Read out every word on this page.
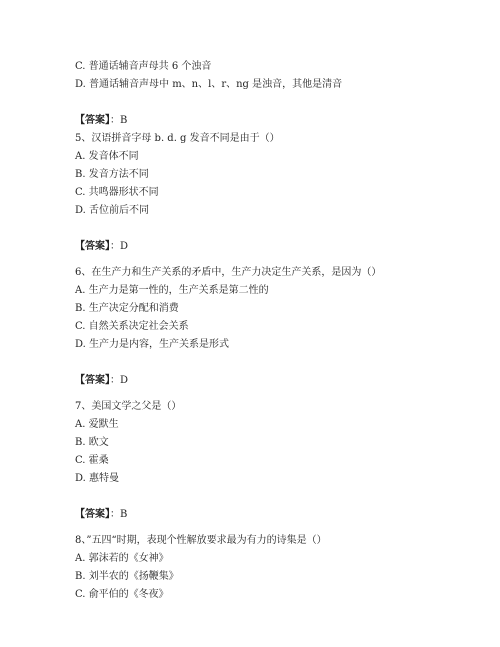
C. 普通话辅音声母共 6 个浊音
D. 普通话辅音声母中 m、n、l、r、ng 是浊音，其他是清音
【答案】：B
5、汉语拼音字母 b. d. g 发音不同是由于（）
A. 发音体不同
B. 发音方法不同
C. 共鸣器形状不同
D. 舌位前后不同
【答案】：D
6、在生产力和生产关系的矛盾中，生产力决定生产关系，是因为（）
A. 生产力是第一性的，生产关系是第二性的
B. 生产决定分配和消费
C. 自然关系决定社会关系
D. 生产力是内容，生产关系是形式
【答案】：D
7、美国文学之父是（）
A. 爱默生
B. 欧文
C. 霍桑
D. 惠特曼
【答案】：B
8、”五四“时期，表现个性解放要求最为有力的诗集是（）
A. 郭沫若的《女神》
B. 刘半农的《扬鞭集》
C. 俞平伯的《冬夜》
